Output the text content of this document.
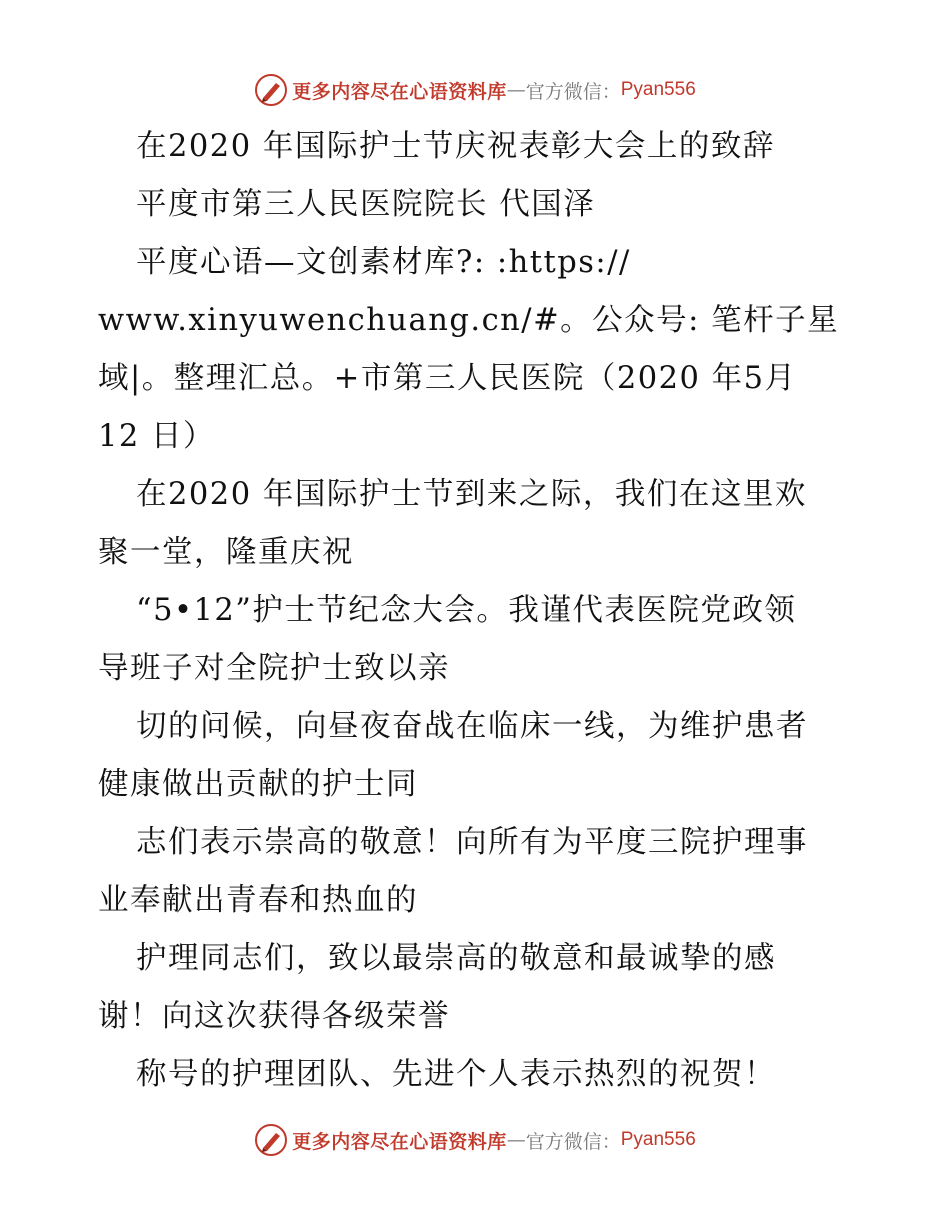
更多内容尽在心语资料库 — 官方微信： Pyan556
在2020 年国际护士节庆祝表彰大会上的致辞
平度市第三人民医院院长 代国泽
平度心语—文创素材库?: :https://
www.xinyuwenchuang.cn/#。公众号: 笔杆子星
域|。整理汇总。+市第三人民医院（2020 年5月
12 日）
在2020 年国际护士节到来之际，我们在这里欢
聚一堂，隆重庆祝
“5•12”护士节纪念大会。我谨代表医院党政领
导班子对全院护士致以亲
切的问候，向昼夜奋战在临床一线，为维护患者
健康做出贡献的护士同
志们表示崇高的敬意！向所有为平度三院护理事
业奉献出青春和热血的
护理同志们，致以最崇高的敬意和最诚挚的感
谢！向这次获得各级荣誉
称号的护理团队、先进个人表示热烈的祝贺！
更多内容尽在心语资料库 — 官方微信： Pyan556
